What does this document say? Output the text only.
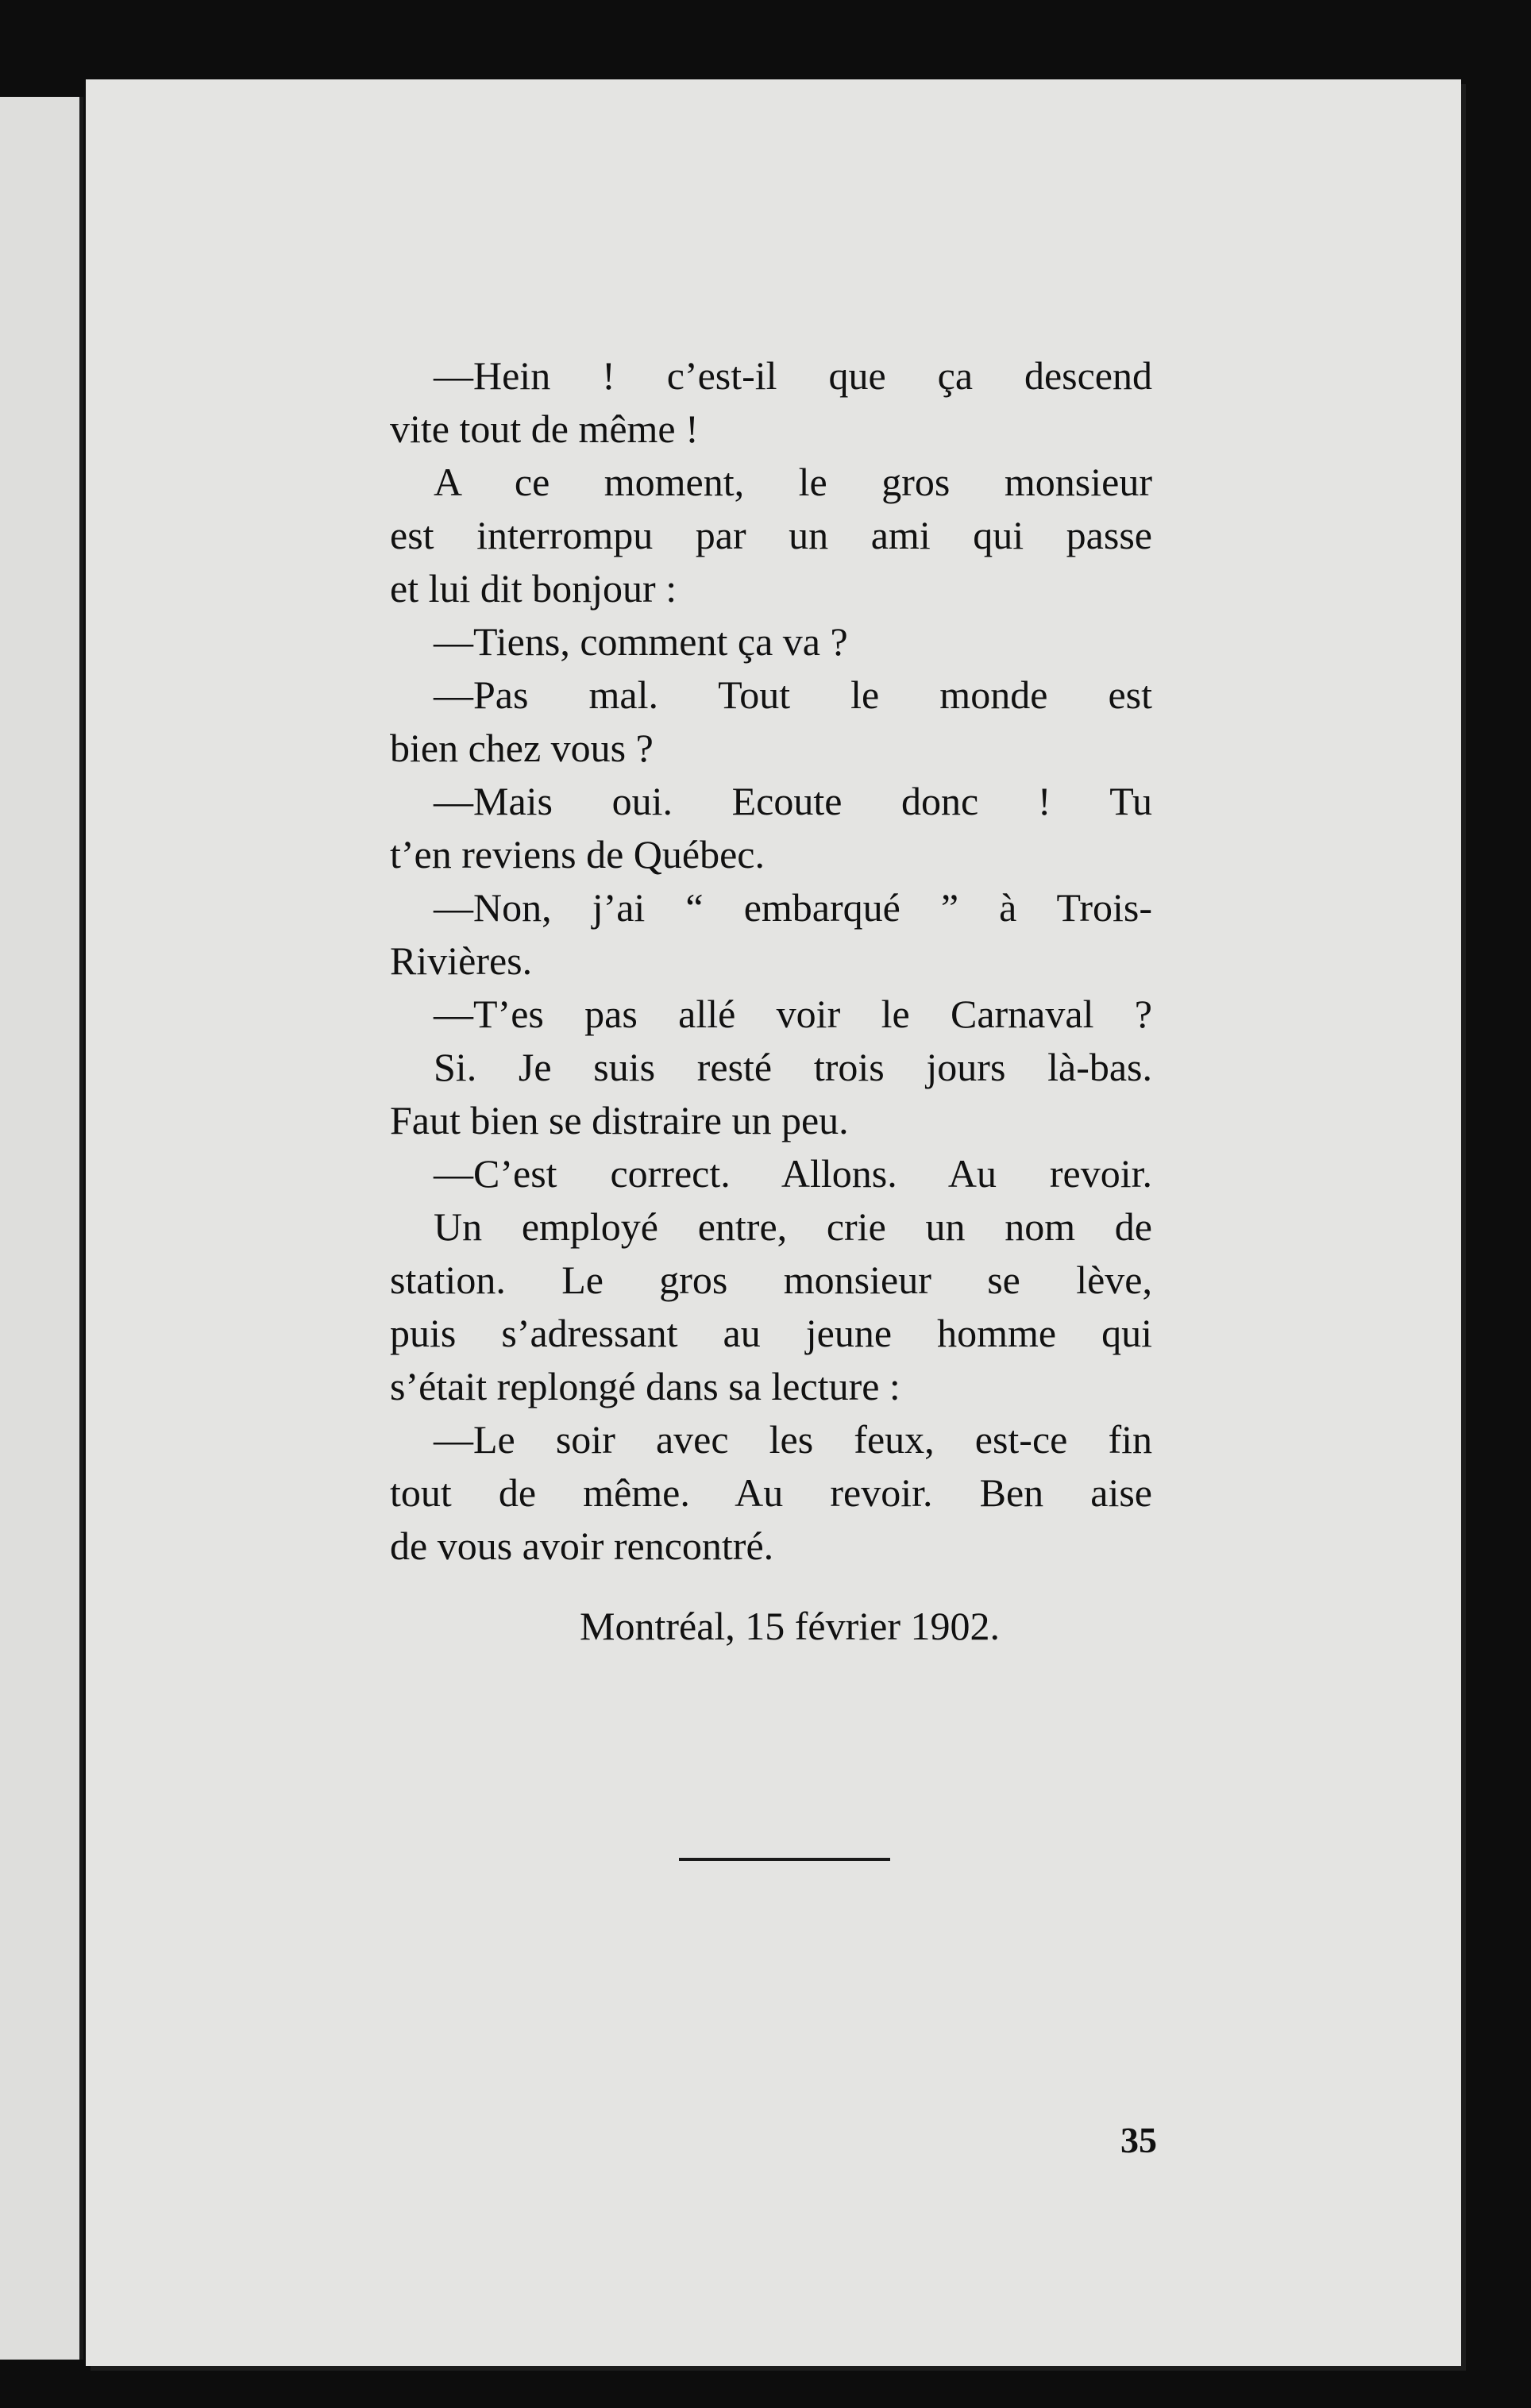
—Hein ! c’est-il que ça descend
vite tout de même !
A ce moment, le gros monsieur
est interrompu par un ami qui passe
et lui dit bonjour :
—Tiens, comment ça va ?
—Pas mal. Tout le monde est
bien chez vous ?
—Mais oui. Ecoute donc ! Tu
t’en reviens de Québec.
—Non, j’ai “ embarqué ” à Trois-
Rivières.
—T’es pas allé voir le Carnaval ?
Si. Je suis resté trois jours là-bas.
Faut bien se distraire un peu.
—C’est correct. Allons. Au revoir.
Un employé entre, crie un nom de
station. Le gros monsieur se lève,
puis s’adressant au jeune homme qui
s’était replongé dans sa lecture :
—Le soir avec les feux, est-ce fin
tout de même. Au revoir. Ben aise
de vous avoir rencontré.
Montréal, 15 février 1902.
35
